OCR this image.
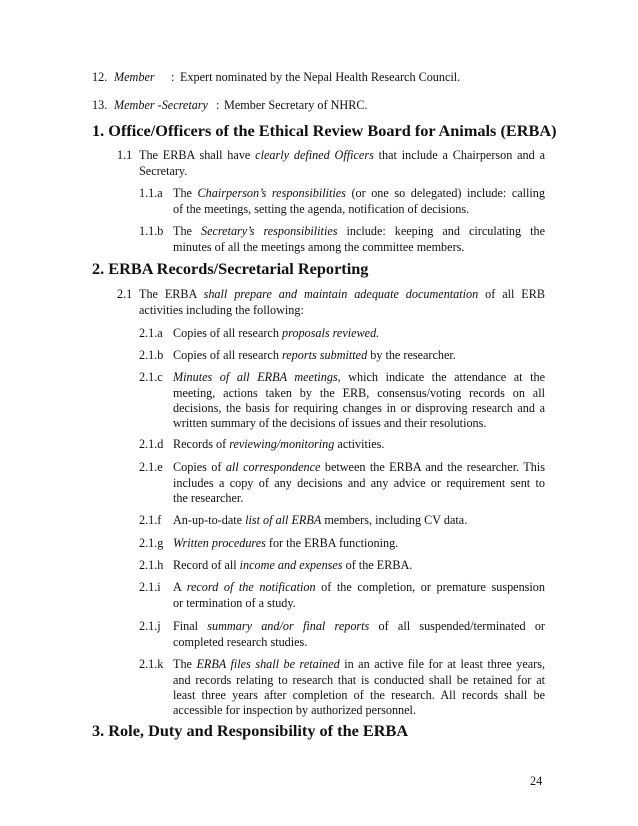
12. Member : Expert nominated by the Nepal Health Research Council.
13. Member -Secretary : Member Secretary of NHRC.
1. Office/Officers of the Ethical Review Board for Animals (ERBA)
1.1 The ERBA shall have clearly defined Officers that include a Chairperson and a
Secretary.
1.1.a The Chairperson’s responsibilities (or one so delegated) include: calling
of the meetings, setting the agenda, notification of decisions.
1.1.b The Secretary’s responsibilities include: keeping and circulating the
minutes of all the meetings among the committee members.
2. ERBA Records/Secretarial Reporting
2.1 The ERBA shall prepare and maintain adequate documentation of all ERB
activities including the following:
2.1.a Copies of all research proposals reviewed.
2.1.b Copies of all research reports submitted by the researcher.
2.1.c Minutes of all ERBA meetings, which indicate the attendance at the
meeting, actions taken by the ERB, consensus/voting records on all
decisions, the basis for requiring changes in or disproving research and a
written summary of the decisions of issues and their resolutions.
2.1.d Records of reviewing/monitoring activities.
2.1.e Copies of all correspondence between the ERBA and the researcher. This
includes a copy of any decisions and any advice or requirement sent to
the researcher.
2.1.f An-up-to-date list of all ERBA members, including CV data.
2.1.g Written procedures for the ERBA functioning.
2.1.h Record of all income and expenses of the ERBA.
2.1.i A record of the notification of the completion, or premature suspension
or termination of a study.
2.1.j Final summary and/or final reports of all suspended/terminated or
completed research studies.
2.1.k The ERBA files shall be retained in an active file for at least three years,
and records relating to research that is conducted shall be retained for at
least three years after completion of the research. All records shall be
accessible for inspection by authorized personnel.
3. Role, Duty and Responsibility of the ERBA
24
